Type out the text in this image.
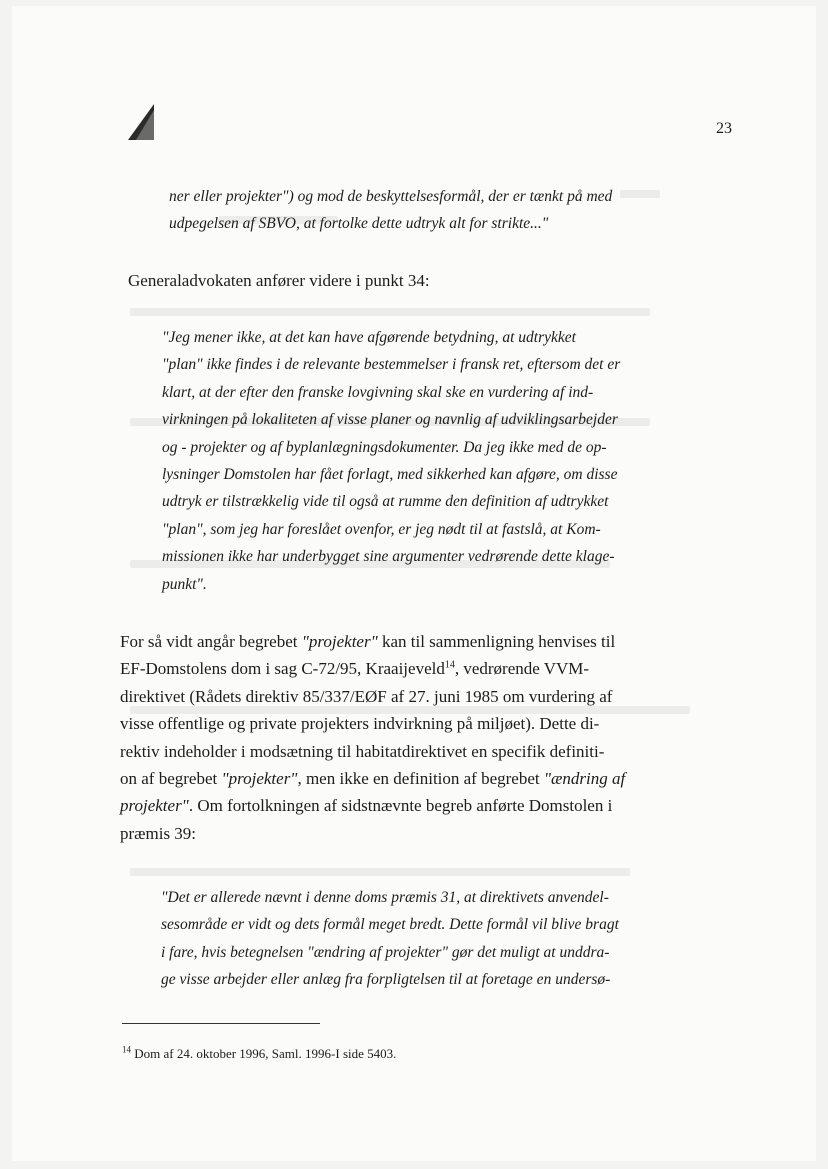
23
ner eller projekter") og mod de beskyttelsesformål, der er tænkt på med
udpegelsen af SBVO, at fortolke dette udtryk alt for strikte..."
Generaladvokaten anfører videre i punkt 34:
"Jeg mener ikke, at det kan have afgørende betydning, at udtrykket
"plan" ikke findes i de relevante bestemmelser i fransk ret, eftersom det er
klart, at der efter den franske lovgivning skal ske en vurdering af ind-
virkningen på lokaliteten af visse planer og navnlig af udviklingsarbejder
og - projekter og af byplanlægningsdokumenter. Da jeg ikke med de op-
lysninger Domstolen har fået forlagt, med sikkerhed kan afgøre, om disse
udtryk er tilstrækkelig vide til også at rumme den definition af udtrykket
"plan", som jeg har foreslået ovenfor, er jeg nødt til at fastslå, at Kom-
missionen ikke har underbygget sine argumenter vedrørende dette klage-
punkt".
For så vidt angår begrebet "projekter" kan til sammenligning henvises til
EF-Domstolens dom i sag C-72/95, Kraaijeveld$^{14}$, vedrørende VVM-
direktivet (Rådets direktiv 85/337/EØF af 27. juni 1985 om vurdering af
visse offentlige og private projekters indvirkning på miljøet). Dette di-
rektiv indeholder i modsætning til habitatdirektivet en specifik definiti-
on af begrebet "projekter", men ikke en definition af begrebet "ændring af
projekter". Om fortolkningen af sidstnævnte begreb anførte Domstolen i
præmis 39:
"Det er allerede nævnt i denne doms præmis 31, at direktivets anvendel-
sesområde er vidt og dets formål meget bredt. Dette formål vil blive bragt
i fare, hvis betegnelsen "ændring af projekter" gør det muligt at unddra-
ge visse arbejder eller anlæg fra forpligtelsen til at foretage en undersø-
$^{14}$ Dom af 24. oktober 1996, Saml. 1996-I side 5403.
